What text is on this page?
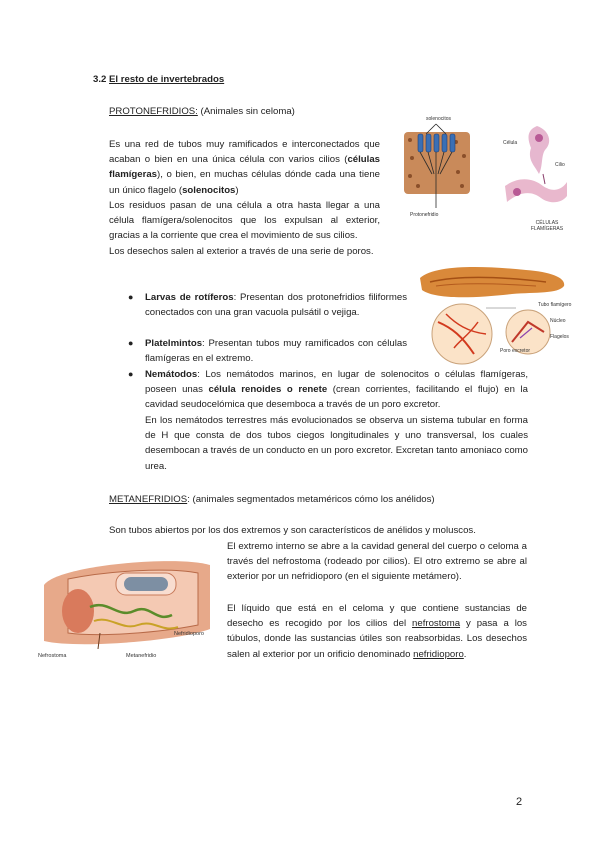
3.2 El resto de invertebrados
PROTONEFRIDIOS: (Animales sin celoma)
Es una red de tubos muy ramificados e interconectados que acaban o bien en una única célula con varios cilios (células flamígeras), o bien, en muchas células dónde cada una tiene un único flagelo (solenocitos)
Los residuos pasan de una célula a otra hasta llegar a una célula flamígera/solenocitos que los expulsan al exterior, gracias a la corriente que crea el movimiento de sus cilios.
Los desechos salen al exterior a través de una serie de poros.
● Larvas de rotíferos: Presentan dos protonefridios filiformes conectados con una gran vacuola pulsátil o vejiga.
● Platelmintos: Presentan tubos muy ramificados con células flamígeras en el extremo.
● Nemátodos: Los nemátodos marinos, en lugar de solenocitos o células flamígeras, poseen unas célula renoides o renete (crean corrientes, facilitando el flujo) en la cavidad seudocelómica que desemboca a través de un poro excretor.
En los nemátodos terrestres más evolucionados se observa un sistema tubular en forma de H que consta de dos tubos ciegos longitudinales y uno transversal, los cuales desembocan a través de un conducto en un poro excretor. Excretan tanto amoniaco como urea.
METANEFRIDIOS: (animales segmentados metaméricos cómo los anélidos)
Son tubos abiertos por los dos extremos y son característicos de anélidos y moluscos.
El extremo interno se abre a la cavidad general del cuerpo o celoma a través del nefrostoma (rodeado por cilios). El otro extremo se abre al exterior por un nefridioporo (en el siguiente metámero).
El líquido que está en el celoma y que contiene sustancias de desecho es recogido por los cilios del nefrostoma y pasa a los túbulos, donde las sustancias útiles son reabsorbidas. Los desechos salen al exterior por un orificio denominado nefridioporo.
solenocitos
Protonefridio
Célula
Cilio
CÉLULAS FLAMÍGERAS
Tubo flamígero
Núcleo
Flagelos
Poro excretor
Nefridioporo
Nefrostoma	Metanefridio
2
